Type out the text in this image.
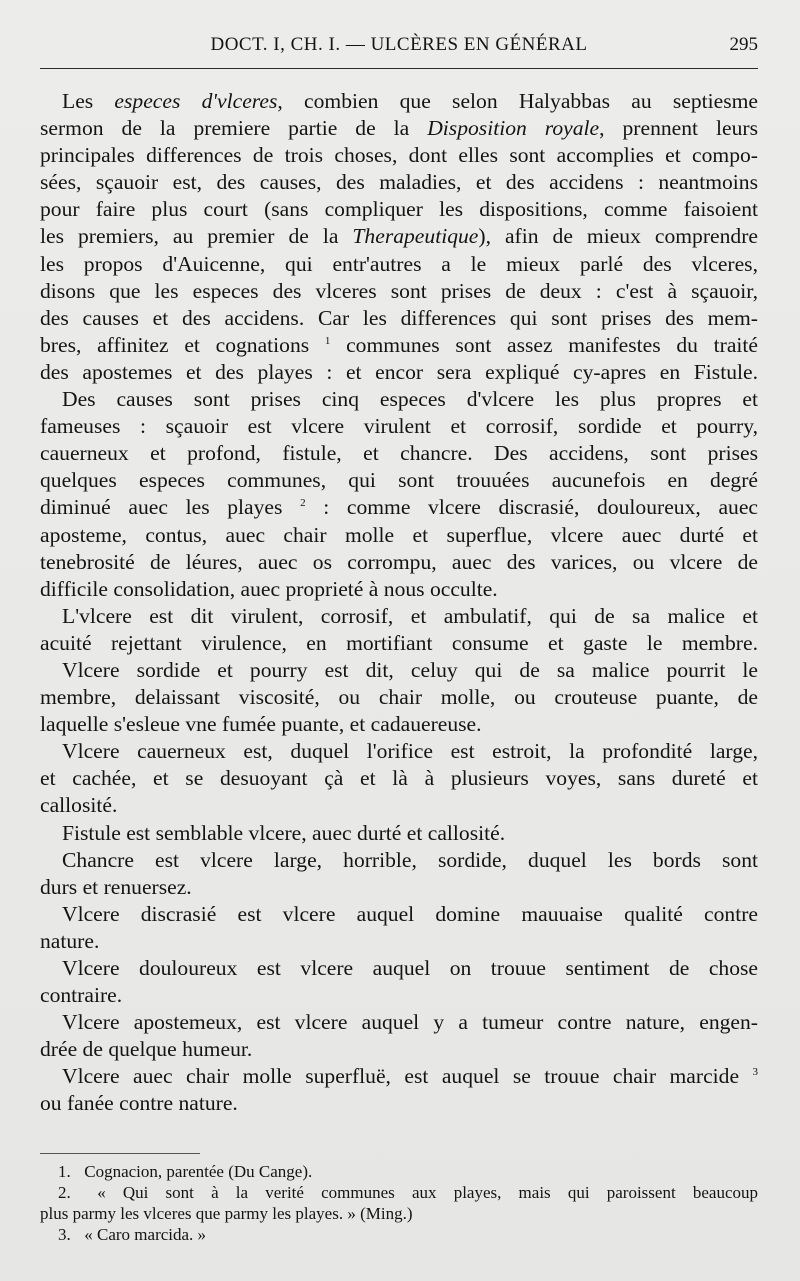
DOCT. I, CH. I. — ULCÈRES EN GÉNÉRAL	295

Les especes d'vlceres, combien que selon Halyabbas au septiesme
sermon de la premiere partie de la Disposition royale, prennent leurs
principales differences de trois choses, dont elles sont accomplies et compo-
sées, sçauoir est, des causes, des maladies, et des accidens : neantmoins
pour faire plus court (sans compliquer les dispositions, comme faisoient
les premiers, au premier de la Therapeutique), afin de mieux comprendre
les propos d'Auicenne, qui entr'autres a le mieux parlé des vlceres,
disons que les especes des vlceres sont prises de deux : c'est à sçauoir,
des causes et des accidens. Car les differences qui sont prises des mem-
bres, affinitez et cognations $^1$ communes sont assez manifestes du traité
des apostemes et des playes : et encor sera expliqué cy-apres en Fistule.

Des causes sont prises cinq especes d'vlcere les plus propres et
fameuses : sçauoir est vlcere virulent et corrosif, sordide et pourry,
cauerneux et profond, fistule, et chancre. Des accidens, sont prises
quelques especes communes, qui sont trouuées aucunefois en degré
diminué auec les playes $^2$ : comme vlcere discrasié, douloureux, auec
aposteme, contus, auec chair molle et superflue, vlcere auec durté et
tenebrosité de léures, auec os corrompu, auec des varices, ou vlcere de
difficile consolidation, auec proprieté à nous occulte.

L'vlcere est dit virulent, corrosif, et ambulatif, qui de sa malice et
acuité rejettant virulence, en mortifiant consume et gaste le membre.

Vlcere sordide et pourry est dit, celuy qui de sa malice pourrit le
membre, delaissant viscosité, ou chair molle, ou crouteuse puante, de
laquelle s'esleue vne fumée puante, et cadauereuse.

Vlcere cauerneux est, duquel l'orifice est estroit, la profondité large,
et cachée, et se desuoyant çà et là à plusieurs voyes, sans dureté et
callosité.

Fistule est semblable vlcere, auec durté et callosité.

Chancre est vlcere large, horrible, sordide, duquel les bords sont
durs et renuersez.

Vlcere discrasié est vlcere auquel domine mauuaise qualité contre
nature.

Vlcere douloureux est vlcere auquel on trouue sentiment de chose
contraire.

Vlcere apostemeux, est vlcere auquel y a tumeur contre nature, engen-
drée de quelque humeur.

Vlcere auec chair molle superfluë, est auquel se trouue chair marcide $^3$
ou fanée contre nature.

1. Cognacion, parentée (Du Cange).
2. « Qui sont à la verité communes aux playes, mais qui paroissent beaucoup
plus parmy les vlceres que parmy les playes. » (Ming.)
3. « Caro marcida. »
